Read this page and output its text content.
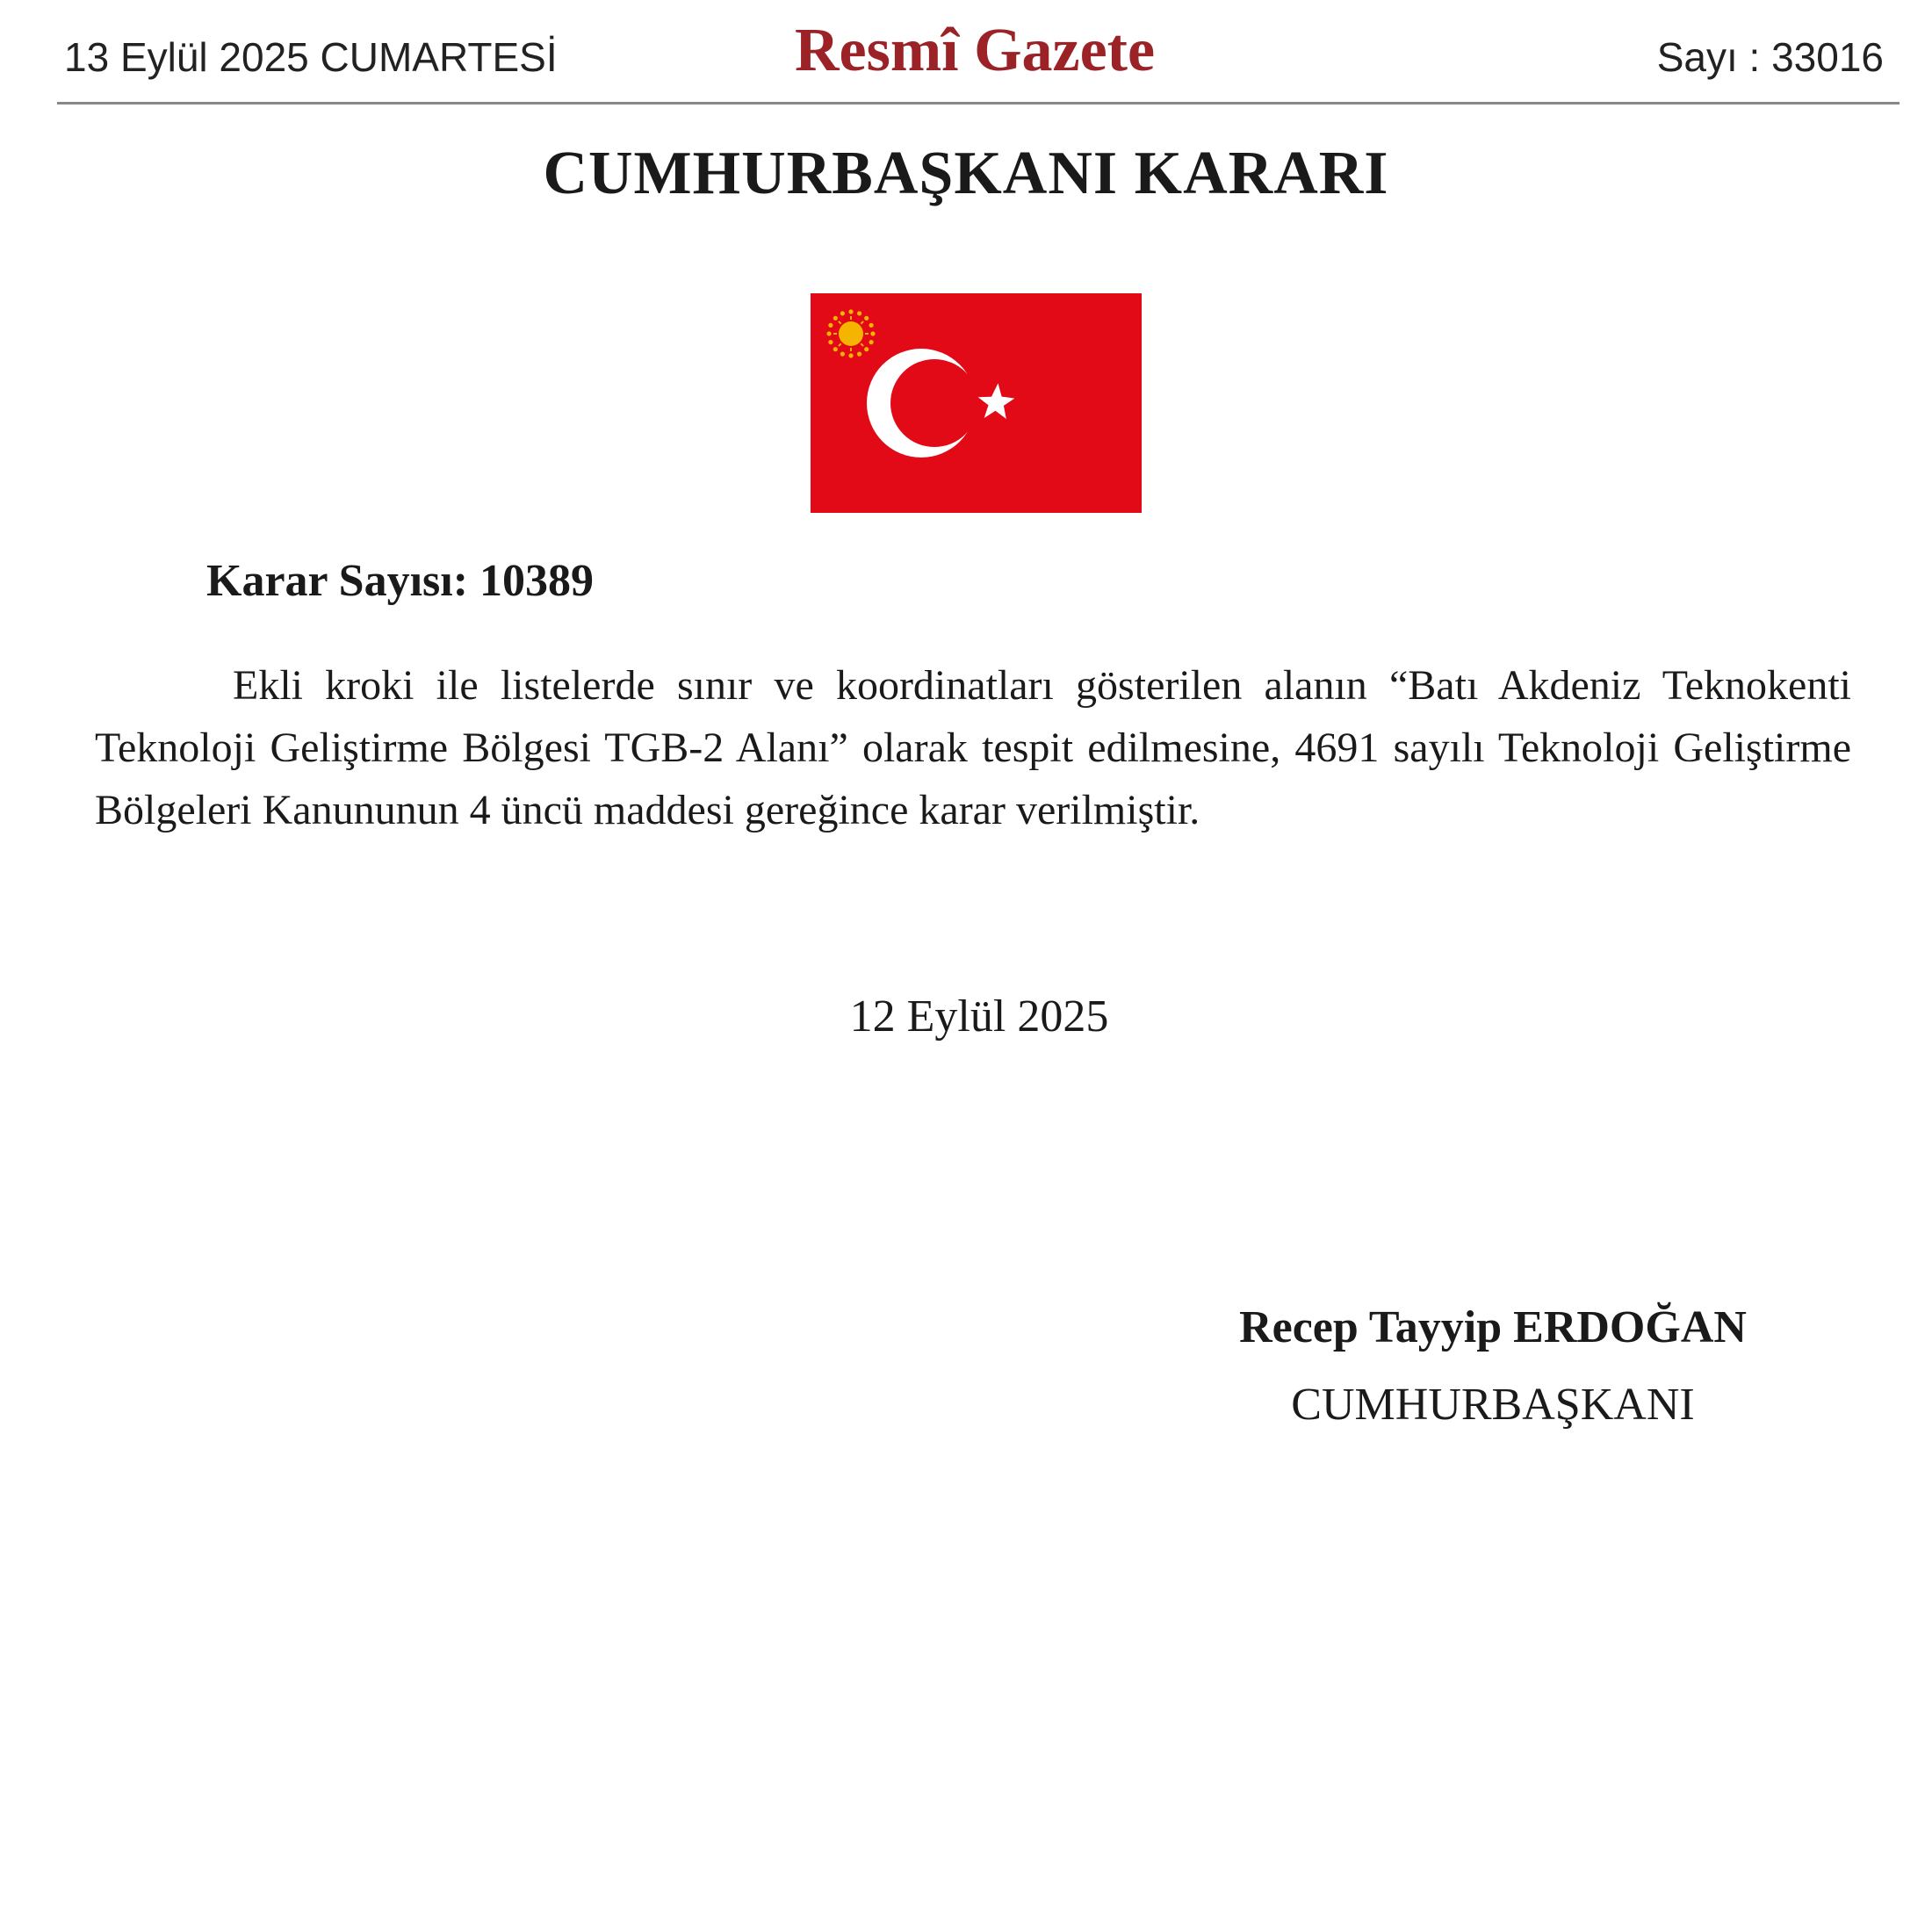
13 Eylül 2025 CUMARTESİ	Resmî Gazete	Sayı : 33016
CUMHURBAŞKANI KARARI
Karar Sayısı: 10389
Ekli kroki ile listelerde sınır ve koordinatları gösterilen alanın “Batı Akdeniz Teknokenti Teknoloji Geliştirme Bölgesi TGB-2 Alanı” olarak tespit edilmesine, 4691 sayılı Teknoloji Geliştirme Bölgeleri Kanununun 4 üncü maddesi gereğince karar verilmiştir.
12 Eylül 2025
Recep Tayyip ERDOĞAN
CUMHURBAŞKANI
